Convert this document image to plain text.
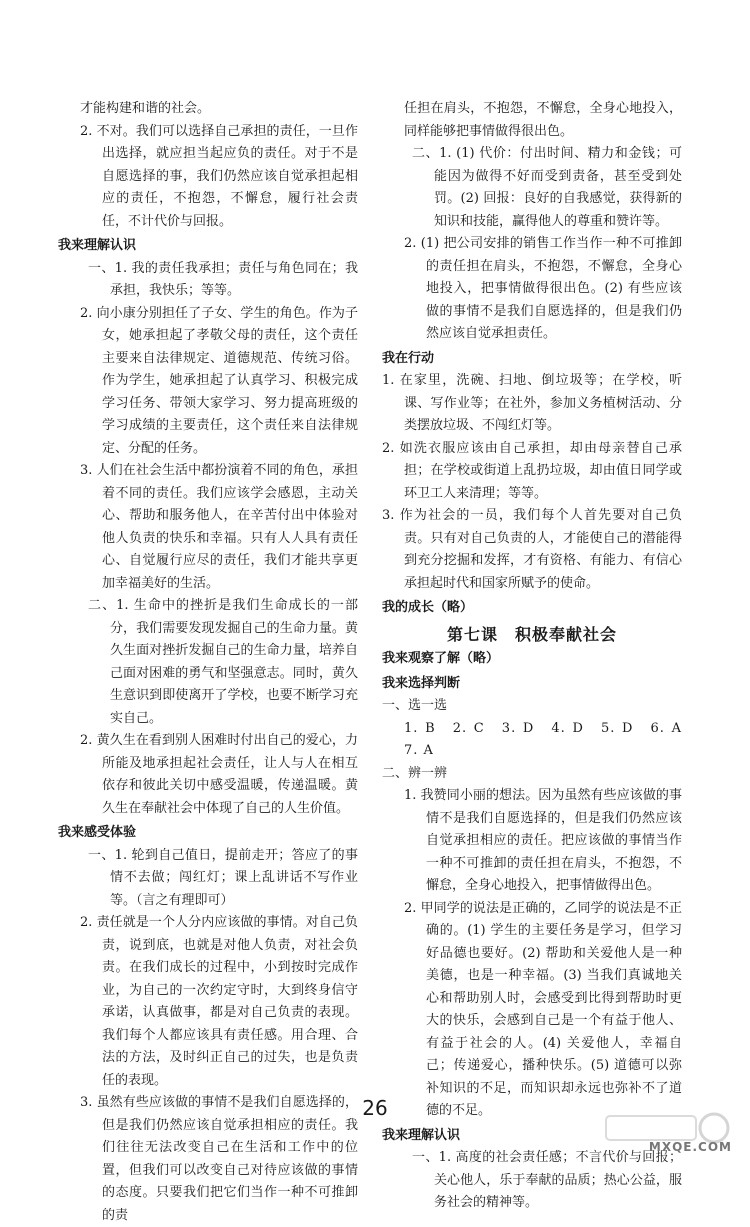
才能构建和谐的社会。

2. 不对。我们可以选择自己承担的责任，一旦作出选择，就应担当起应负的责任。对于不是自愿选择的事，我们仍然应该自觉承担起相应的责任，不抱怨，不懈怠，履行社会责任，不计代价与回报。

我来理解认识

一、1. 我的责任我承担；责任与角色同在；我承担，我快乐；等等。

2. 向小康分别担任了子女、学生的角色。作为子女，她承担起了孝敬父母的责任，这个责任主要来自法律规定、道德规范、传统习俗。作为学生，她承担起了认真学习、积极完成学习任务、带领大家学习、努力提高班级的学习成绩的主要责任，这个责任来自法律规定、分配的任务。

3. 人们在社会生活中都扮演着不同的角色，承担着不同的责任。我们应该学会感恩，主动关心、帮助和服务他人，在辛苦付出中体验对他人负责的快乐和幸福。只有人人具有责任心、自觉履行应尽的责任，我们才能共享更加幸福美好的生活。

二、1. 生命中的挫折是我们生命成长的一部分，我们需要发现发掘自己的生命力量。黄久生面对挫折发掘自己的生命力量，培养自己面对困难的勇气和坚强意志。同时，黄久生意识到即使离开了学校，也要不断学习充实自己。

2. 黄久生在看到别人困难时付出自己的爱心，力所能及地承担起社会责任，让人与人在相互依存和彼此关切中感受温暖，传递温暖。黄久生在奉献社会中体现了自己的人生价值。

我来感受体验

一、1. 轮到自己值日，提前走开；答应了的事情不去做；闯红灯；课上乱讲话不写作业等。（言之有理即可）

2. 责任就是一个人分内应该做的事情。对自己负责，说到底，也就是对他人负责，对社会负责。在我们成长的过程中，小到按时完成作业，为自己的一次约定守时，大到终身信守承诺，认真做事，都是对自己负责的表现。我们每个人都应该具有责任感。用合理、合法的方法，及时纠正自己的过失，也是负责任的表现。

3. 虽然有些应该做的事情不是我们自愿选择的，但是我们仍然应该自觉承担相应的责任。我们往往无法改变自己在生活和工作中的位置，但我们可以改变自己对待应该做的事情的态度。只要我们把它们当作一种不可推卸的责

任担在肩头，不抱怨，不懈怠，全身心地投入，同样能够把事情做得很出色。

二、1. (1) 代价：付出时间、精力和金钱；可能因为做得不好而受到责备，甚至受到处罚。(2) 回报：良好的自我感觉，获得新的知识和技能，赢得他人的尊重和赞许等。

2. (1) 把公司安排的销售工作当作一种不可推卸的责任担在肩头，不抱怨，不懈怠，全身心地投入，把事情做得很出色。(2) 有些应该做的事情不是我们自愿选择的，但是我们仍然应该自觉承担责任。

我在行动

1. 在家里，洗碗、扫地、倒垃圾等；在学校，听课、写作业等；在社外，参加义务植树活动、分类摆放垃圾、不闯红灯等。

2. 如洗衣服应该由自己承担，却由母亲替自己承担；在学校或街道上乱扔垃圾，却由值日同学或环卫工人来清理；等等。

3. 作为社会的一员，我们每个人首先要对自己负责。只有对自己负责的人，才能使自己的潜能得到充分挖掘和发挥，才有资格、有能力、有信心承担起时代和国家所赋予的使命。

我的成长（略）

第七课　积极奉献社会

我来观察了解（略）

我来选择判断

一、选一选

1. B　2. C　3. D　4. D　5. D　6. A　7. A

二、辨一辨

1. 我赞同小丽的想法。因为虽然有些应该做的事情不是我们自愿选择的，但是我们仍然应该自觉承担相应的责任。把应该做的事情当作一种不可推卸的责任担在肩头，不抱怨，不懈怠，全身心地投入，把事情做得出色。

2. 甲同学的说法是正确的，乙同学的说法是不正确的。(1) 学生的主要任务是学习，但学习好品德也要好。(2) 帮助和关爱他人是一种美德，也是一种幸福。(3) 当我们真诚地关心和帮助别人时，会感受到比得到帮助时更大的快乐，会感到自己是一个有益于他人、有益于社会的人。(4) 关爱他人，幸福自己；传递爱心，播种快乐。(5) 道德可以弥补知识的不足，而知识却永远也弥补不了道德的不足。

我来理解认识

一、1. 高度的社会责任感；不言代价与回报；关心他人，乐于奉献的品质；热心公益，服务社会的精神等。

26
MXQE.COM
